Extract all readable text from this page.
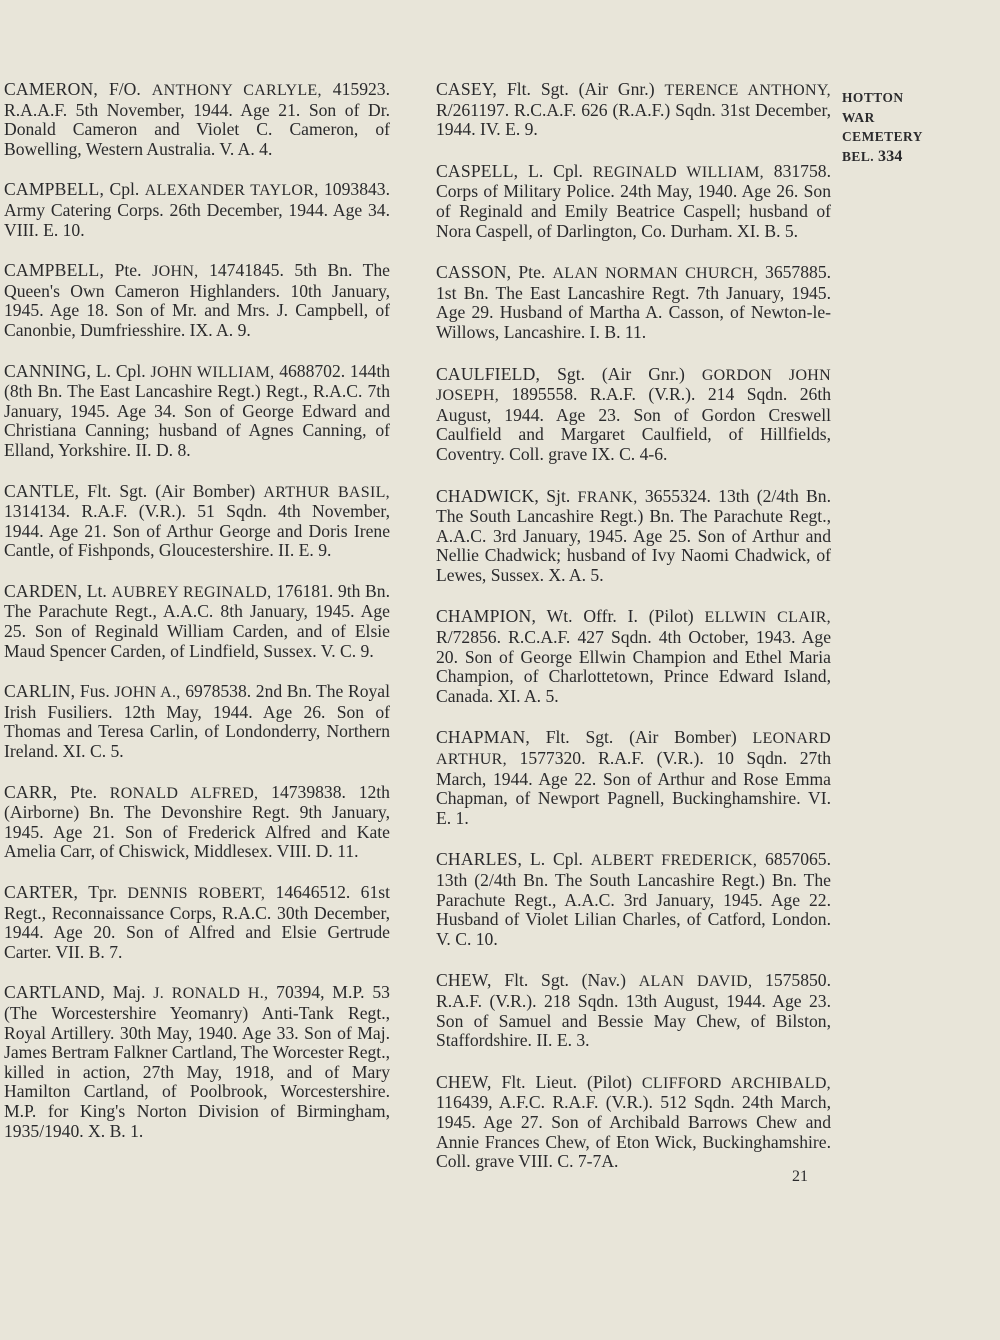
CAMERON, F/O. ANTHONY CARLYLE, 415923. R.A.A.F. 5th November, 1944. Age 21. Son of Dr. Donald Cameron and Violet C. Cameron, of Bowelling, Western Australia. V. A. 4.

CAMPBELL, Cpl. ALEXANDER TAYLOR, 1093843. Army Catering Corps. 26th December, 1944. Age 34. VIII. E. 10.

CAMPBELL, Pte. JOHN, 14741845. 5th Bn. The Queen's Own Cameron Highlanders. 10th January, 1945. Age 18. Son of Mr. and Mrs. J. Campbell, of Canonbie, Dumfriesshire. IX. A. 9.

CANNING, L. Cpl. JOHN WILLIAM, 4688702. 144th (8th Bn. The East Lancashire Regt.) Regt., R.A.C. 7th January, 1945. Age 34. Son of George Edward and Christiana Canning; husband of Agnes Canning, of Elland, Yorkshire. II. D. 8.

CANTLE, Flt. Sgt. (Air Bomber) ARTHUR BASIL, 1314134. R.A.F. (V.R.). 51 Sqdn. 4th November, 1944. Age 21. Son of Arthur George and Doris Irene Cantle, of Fishponds, Gloucestershire. II. E. 9.

CARDEN, Lt. AUBREY REGINALD, 176181. 9th Bn. The Parachute Regt., A.A.C. 8th January, 1945. Age 25. Son of Reginald William Carden, and of Elsie Maud Spencer Carden, of Lindfield, Sussex. V. C. 9.

CARLIN, Fus. JOHN A., 6978538. 2nd Bn. The Royal Irish Fusiliers. 12th May, 1944. Age 26. Son of Thomas and Teresa Carlin, of Londonderry, Northern Ireland. XI. C. 5.

CARR, Pte. RONALD ALFRED, 14739838. 12th (Airborne) Bn. The Devonshire Regt. 9th January, 1945. Age 21. Son of Frederick Alfred and Kate Amelia Carr, of Chiswick, Middlesex. VIII. D. 11.

CARTER, Tpr. DENNIS ROBERT, 14646512. 61st Regt., Reconnaissance Corps, R.A.C. 30th December, 1944. Age 20. Son of Alfred and Elsie Gertrude Carter. VII. B. 7.

CARTLAND, Maj. J. RONALD H., 70394, M.P. 53 (The Worcestershire Yeomanry) Anti-Tank Regt., Royal Artillery. 30th May, 1940. Age 33. Son of Maj. James Bertram Falkner Cartland, The Worcester Regt., killed in action, 27th May, 1918, and of Mary Hamilton Cartland, of Poolbrook, Worcestershire. M.P. for King's Norton Division of Birmingham, 1935/1940. X. B. 1.

CASEY, Flt. Sgt. (Air Gnr.) TERENCE ANTHONY, R/261197. R.C.A.F. 626 (R.A.F.) Sqdn. 31st December, 1944. IV. E. 9.

CASPELL, L. Cpl. REGINALD WILLIAM, 831758. Corps of Military Police. 24th May, 1940. Age 26. Son of Reginald and Emily Beatrice Caspell; husband of Nora Caspell, of Darlington, Co. Durham. XI. B. 5.

CASSON, Pte. ALAN NORMAN CHURCH, 3657885. 1st Bn. The East Lancashire Regt. 7th January, 1945. Age 29. Husband of Martha A. Casson, of Newton-le-Willows, Lancashire. I. B. 11.

CAULFIELD, Sgt. (Air Gnr.) GORDON JOHN JOSEPH, 1895558. R.A.F. (V.R.). 214 Sqdn. 26th August, 1944. Age 23. Son of Gordon Creswell Caulfield and Margaret Caulfield, of Hillfields, Coventry. Coll. grave IX. C. 4-6.

CHADWICK, Sjt. FRANK, 3655324. 13th (2/4th Bn. The South Lancashire Regt.) Bn. The Parachute Regt., A.A.C. 3rd January, 1945. Age 25. Son of Arthur and Nellie Chadwick; husband of Ivy Naomi Chadwick, of Lewes, Sussex. X. A. 5.

CHAMPION, Wt. Offr. I. (Pilot) ELLWIN CLAIR, R/72856. R.C.A.F. 427 Sqdn. 4th October, 1943. Age 20. Son of George Ellwin Champion and Ethel Maria Champion, of Charlottetown, Prince Edward Island, Canada. XI. A. 5.

CHAPMAN, Flt. Sgt. (Air Bomber) LEONARD ARTHUR, 1577320. R.A.F. (V.R.). 10 Sqdn. 27th March, 1944. Age 22. Son of Arthur and Rose Emma Chapman, of Newport Pagnell, Buckinghamshire. VI. E. 1.

CHARLES, L. Cpl. ALBERT FREDERICK, 6857065. 13th (2/4th Bn. The South Lancashire Regt.) Bn. The Parachute Regt., A.A.C. 3rd January, 1945. Age 22. Husband of Violet Lilian Charles, of Catford, London. V. C. 10.

CHEW, Flt. Sgt. (Nav.) ALAN DAVID, 1575850. R.A.F. (V.R.). 218 Sqdn. 13th August, 1944. Age 23. Son of Samuel and Bessie May Chew, of Bilston, Staffordshire. II. E. 3.

CHEW, Flt. Lieut. (Pilot) CLIFFORD ARCHIBALD, 116439, A.F.C. R.A.F. (V.R.). 512 Sqdn. 24th March, 1945. Age 27. Son of Archibald Barrows Chew and Annie Frances Chew, of Eton Wick, Buckinghamshire. Coll. grave VIII. C. 7-7A.

HOTTON
WAR
CEMETERY
BEL. 334
21
